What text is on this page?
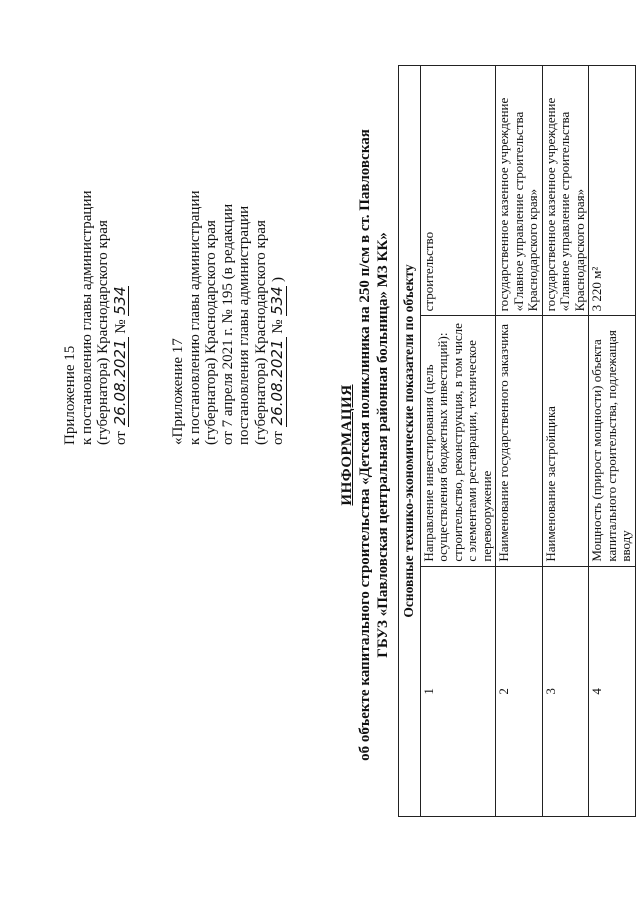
Приложение 15 к постановлению главы администрации (губернатора) Краснодарского края от 26.08.2021 № 534
«Приложение 17 к постановлению главы администрации (губернатора) Краснодарского края от 7 апреля 2021 г. № 195 (в редакции постановления главы администрации (губернатора) Краснодарского края от 26.08.2021 № 534 )
ИНФОРМАЦИЯ об объекте капитального строительства «Детская поликлиника на 250 п/см в ст. Павловская ГБУЗ «Павловская центральная районная больница» МЗ КК» Основные технико-экономические показатели по объекту		
1	Направление инвестирования (цель осуществления бюджетных инвестиций): строительство, реконструкция, в том числе с элементами реставрации, техническое перевооружение	строительство
2	Наименование государственного заказчика	государственное казенное учреждение «Главное управление строительства Краснодарского края»
3	Наименование застройщика	государственное казенное учреждение «Главное управление строительства Краснодарского края»
4	Мощность (прирост мощности) объекта капитального строительства, подлежащая вводу	3 220 м²
